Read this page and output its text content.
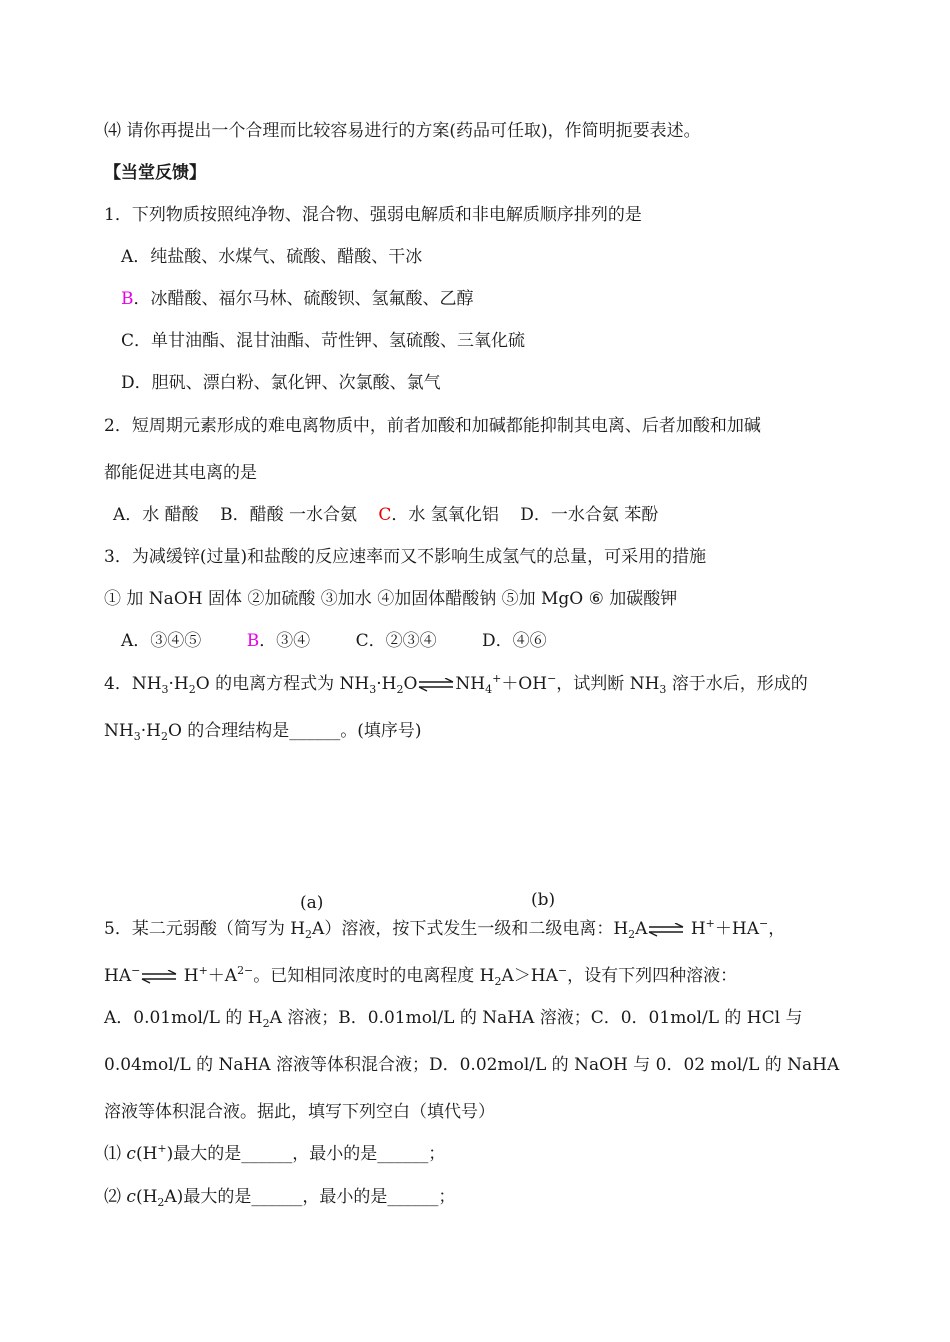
⑷ 请你再提出一个合理而比较容易进行的方案(药品可任取)，作简明扼要表述。
【当堂反馈】
1．下列物质按照纯净物、混合物、强弱电解质和非电解质顺序排列的是
A．纯盐酸、水煤气、硫酸、醋酸、干冰
B．冰醋酸、福尔马林、硫酸钡、氢氟酸、乙醇
C．单甘油酯、混甘油酯、苛性钾、氢硫酸、三氧化硫
D．胆矾、漂白粉、氯化钾、次氯酸、氯气
2．短周期元素形成的难电离物质中，前者加酸和加碱都能抑制其电离、后者加酸和加碱
都能促进其电离的是
A．水 醋酸 B．醋酸 一水合氨 C．水 氢氧化铝 D．一水合氨 苯酚
3．为减缓锌(过量)和盐酸的反应速率而又不影响生成氢气的总量，可采用的措施
① 加 NaOH 固体 ②加硫酸 ③加水 ④加固体醋酸钠 ⑤加 MgO ⑥ 加碳酸钾
A．③④⑤	B．③④	C．②③④	D．④⑥
4．$NH_3\cdot H_2O$ 的电离方程式为 $NH_3\cdot H_2O$ $NH_4^++OH^-$，试判断 $NH_3$ 溶于水后，形成的
$NH_3\cdot H_2O$ 的合理结构是______。(填序号)
(a)	(b)
5．某二元弱酸（简写为 $H_2A$）溶液，按下式发生一级和二级电离：$H_2A$ H+＋HA−，
HA− $H^++A^{2-}$。已知相同浓度时的电离程度 $H_2A>HA^-$，设有下列四种溶液：
A．0.01mol/L 的 $H_2A$ 溶液；B．0.01mol/L 的 NaHA 溶液；C．0．01mol/L 的 HCl 与
0.04mol/L 的 NaHA 溶液等体积混合液；D．0.02mol/L 的 NaOH 与 0．02 mol/L 的 NaHA
溶液等体积混合液。据此，填写下列空白（填代号）
⑴ c(H+)最大的是______，最小的是______；
⑵ $c(H_2A)$最大的是______，最小的是______；
